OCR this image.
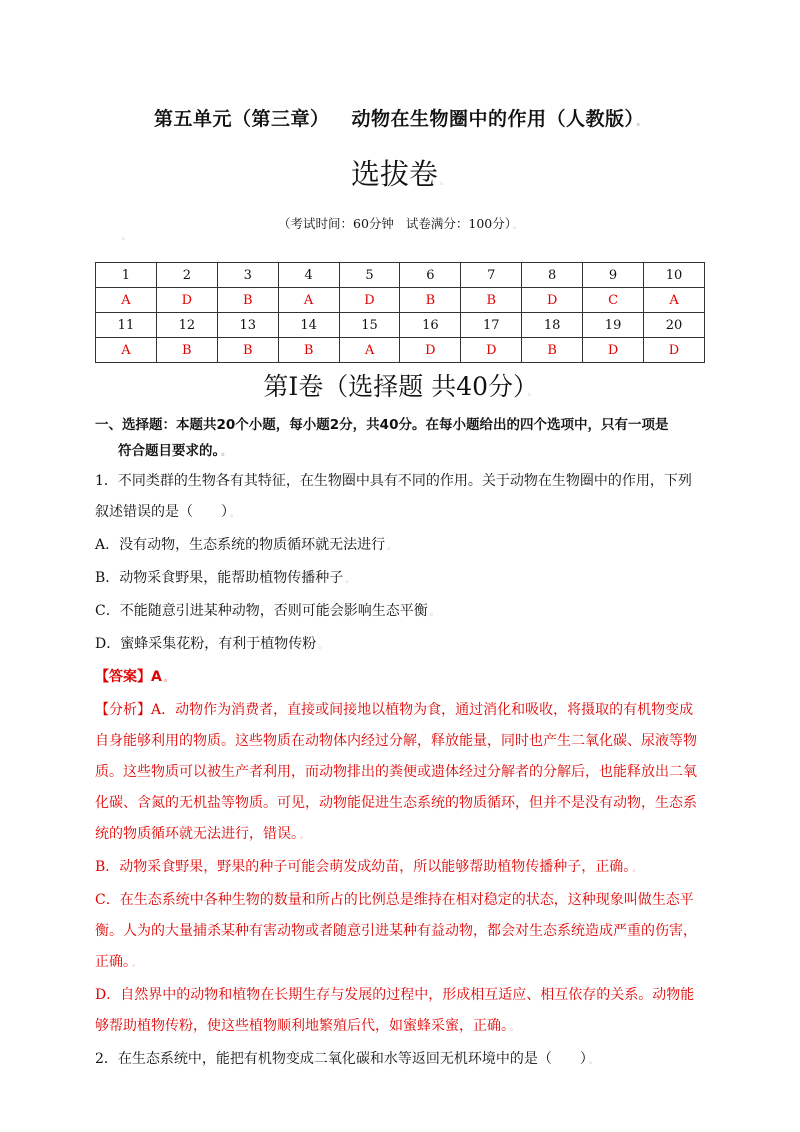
第五单元（第三章） 动物在生物圈中的作用（人教版） 。
选拔卷 。
（考试时间：60分钟 试卷满分：100分） 。
。
1	2	3	4	5	6	7	8	9	10
A	D	B	A	D	B	B	D	C	A
11	12	13	14	15	16	17	18	19	20
A	B	B	B	A	D	D	B	D	D
第Ⅰ卷（选择题 共40分） 。
一、选择题：本题共20个小题，每小题2分，共40分。在每小题给出的四个选项中，只有一项是
符合题目要求的。 。

1．不同类群的生物各有其特征，在生物圈中具有不同的作用。关于动物在生物圈中的作用，下列

叙述错误的是（　　） 。

A．没有动物，生态系统的物质循环就无法进行 。

B．动物采食野果，能帮助植物传播种子 。

C．不能随意引进某种动物，否则可能会影响生态平衡 。

D．蜜蜂采集花粉，有利于植物传粉 。

【答案】A 。

【分析】A．动物作为消费者，直接或间接地以植物为食，通过消化和吸收，将摄取的有机物变成

自身能够利用的物质。这些物质在动物体内经过分解，释放能量，同时也产生二氧化碳、尿液等物

质。这些物质可以被生产者利用，而动物排出的粪便或遗体经过分解者的分解后，也能释放出二氧

化碳、含氮的无机盐等物质。可见，动物能促进生态系统的物质循环，但并不是没有动物，生态系

统的物质循环就无法进行，错误。 。

B．动物采食野果，野果的种子可能会萌发成幼苗，所以能够帮助植物传播种子，正确。 。

C．在生态系统中各种生物的数量和所占的比例总是维持在相对稳定的状态，这种现象叫做生态平

衡。人为的大量捕杀某种有害动物或者随意引进某种有益动物，都会对生态系统造成严重的伤害，

正确。 。

D．自然界中的动物和植物在长期生存与发展的过程中，形成相互适应、相互依存的关系。动物能

够帮助植物传粉，使这些植物顺利地繁殖后代，如蜜蜂采蜜，正确。 。

2．在生态系统中，能把有机物变成二氧化碳和水等返回无机环境中的是（　　） 。
